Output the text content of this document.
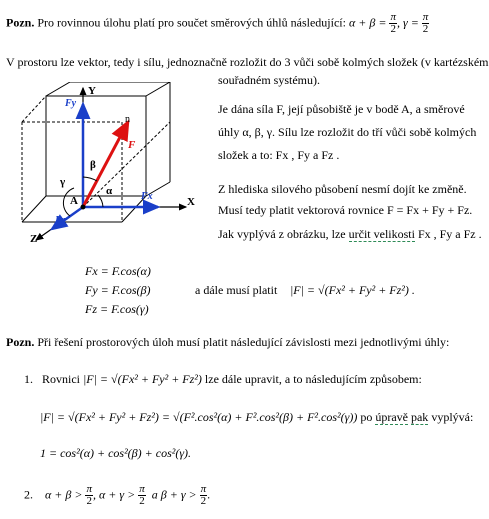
Pozn. Pro rovinnou úlohu platí pro součet směrových úhlů následující: $\alpha + \beta = \frac{\pi}{2}$ , $\gamma = \frac{\pi}{2}$
V prostoru lze vektor, tedy i sílu, jednoznačně rozložit do 3 vůči sobě kolmých složek (v kartézském
souřadném systému).
Y
X
Z
A
F
n
Fy
Fx
Fz
α
β
γ
Je dána síla F, její působiště je v bodě A, a směrové
úhly α, β, γ. Sílu lze rozložit do tří vůči sobě kolmých
složek a to: Fx , Fy a Fz .
Z hlediska silového působení nesmí dojít ke změně.
Musí tedy platit vektorová rovnice F = Fx + Fy + Fz.
Jak vyplývá z obrázku, lze určit velikosti Fx , Fy a Fz .
Fx = F.cos(α)
Fy = F.cos(β)
Fz = F.cos(γ)
a dále musí platit |F| = √(Fx² + Fy² + Fz²) .
Pozn. Při řešení prostorových úloh musí platit následující závislosti mezi jednotlivými úhly:
1. Rovnici |F| = √(Fx² + Fy² + Fz²) lze dále upravit, a to následujícím způsobem:
|F| = √(Fx² + Fy² + Fz²) = √(F².cos²(α) + F².cos²(β) + F².cos²(γ)) po úpravě pak vyplývá:
1 = cos²(α) + cos²(β) + cos²(γ).
2. $\alpha + \beta > \frac{\pi}{2}$ , $\alpha + \gamma > \frac{\pi}{2}$ a $\beta + \gamma > \frac{\pi}{2}$ .
